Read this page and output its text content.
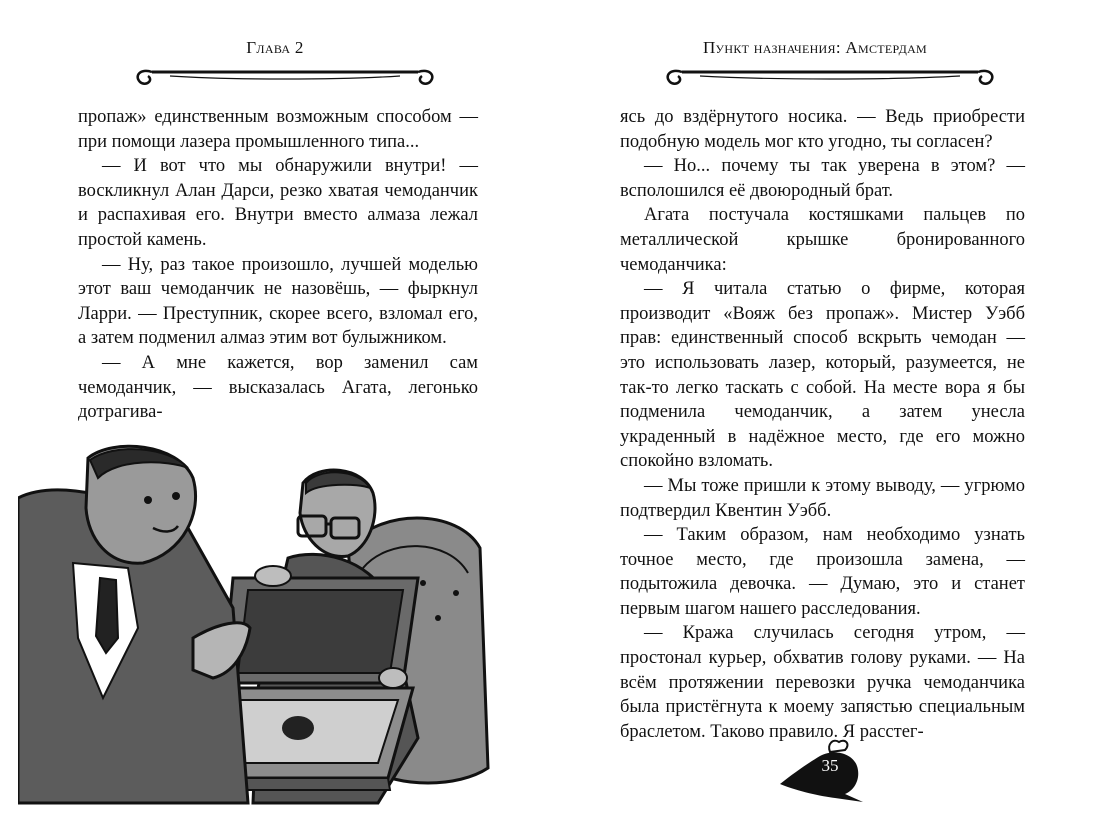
Глава 2

пропаж» единственным возможным способом — при помощи лазера промышленного типа...

— И вот что мы обнаружили внутри! — воскликнул Алан Дарси, резко хватая чемоданчик и распахивая его. Внутри вместо алмаза лежал простой камень.

— Ну, раз такое произошло, лучшей моделью этот ваш чемоданчик не назовёшь, — фыркнул Ларри. — Преступник, скорее всего, взломал его, а затем подменил алмаз этим вот булыжником.

— А мне кажется, вор заменил сам чемоданчик, — высказалась Агата, легонько дотрагива-

Пункт назначения: Амстердам

ясь до вздёрнутого носика. — Ведь приобрести подобную модель мог кто угодно, ты согласен?

— Но... почему ты так уверена в этом? — всполошился её двоюродный брат.

Агата постучала костяшками пальцев по металлической крышке бронированного чемоданчика:

— Я читала статью о фирме, которая производит «Вояж без пропаж». Мистер Уэбб прав: единственный способ вскрыть чемодан — это использовать лазер, который, разумеется, не так-то легко таскать с собой. На месте вора я бы подменила чемоданчик, а затем унесла украденный в надёжное место, где его можно спокойно взломать.

— Мы тоже пришли к этому выводу, — угрюмо подтвердил Квентин Уэбб.

— Таким образом, нам необходимо узнать точное место, где произошла замена, — подытожила девочка. — Думаю, это и станет первым шагом нашего расследования.

— Кража случилась сегодня утром, — простонал курьер, обхватив голову руками. — На всём протяжении перевозки ручка чемоданчика была пристёгнута к моему запястью специальным браслетом. Таково правило. Я расстег-

35
